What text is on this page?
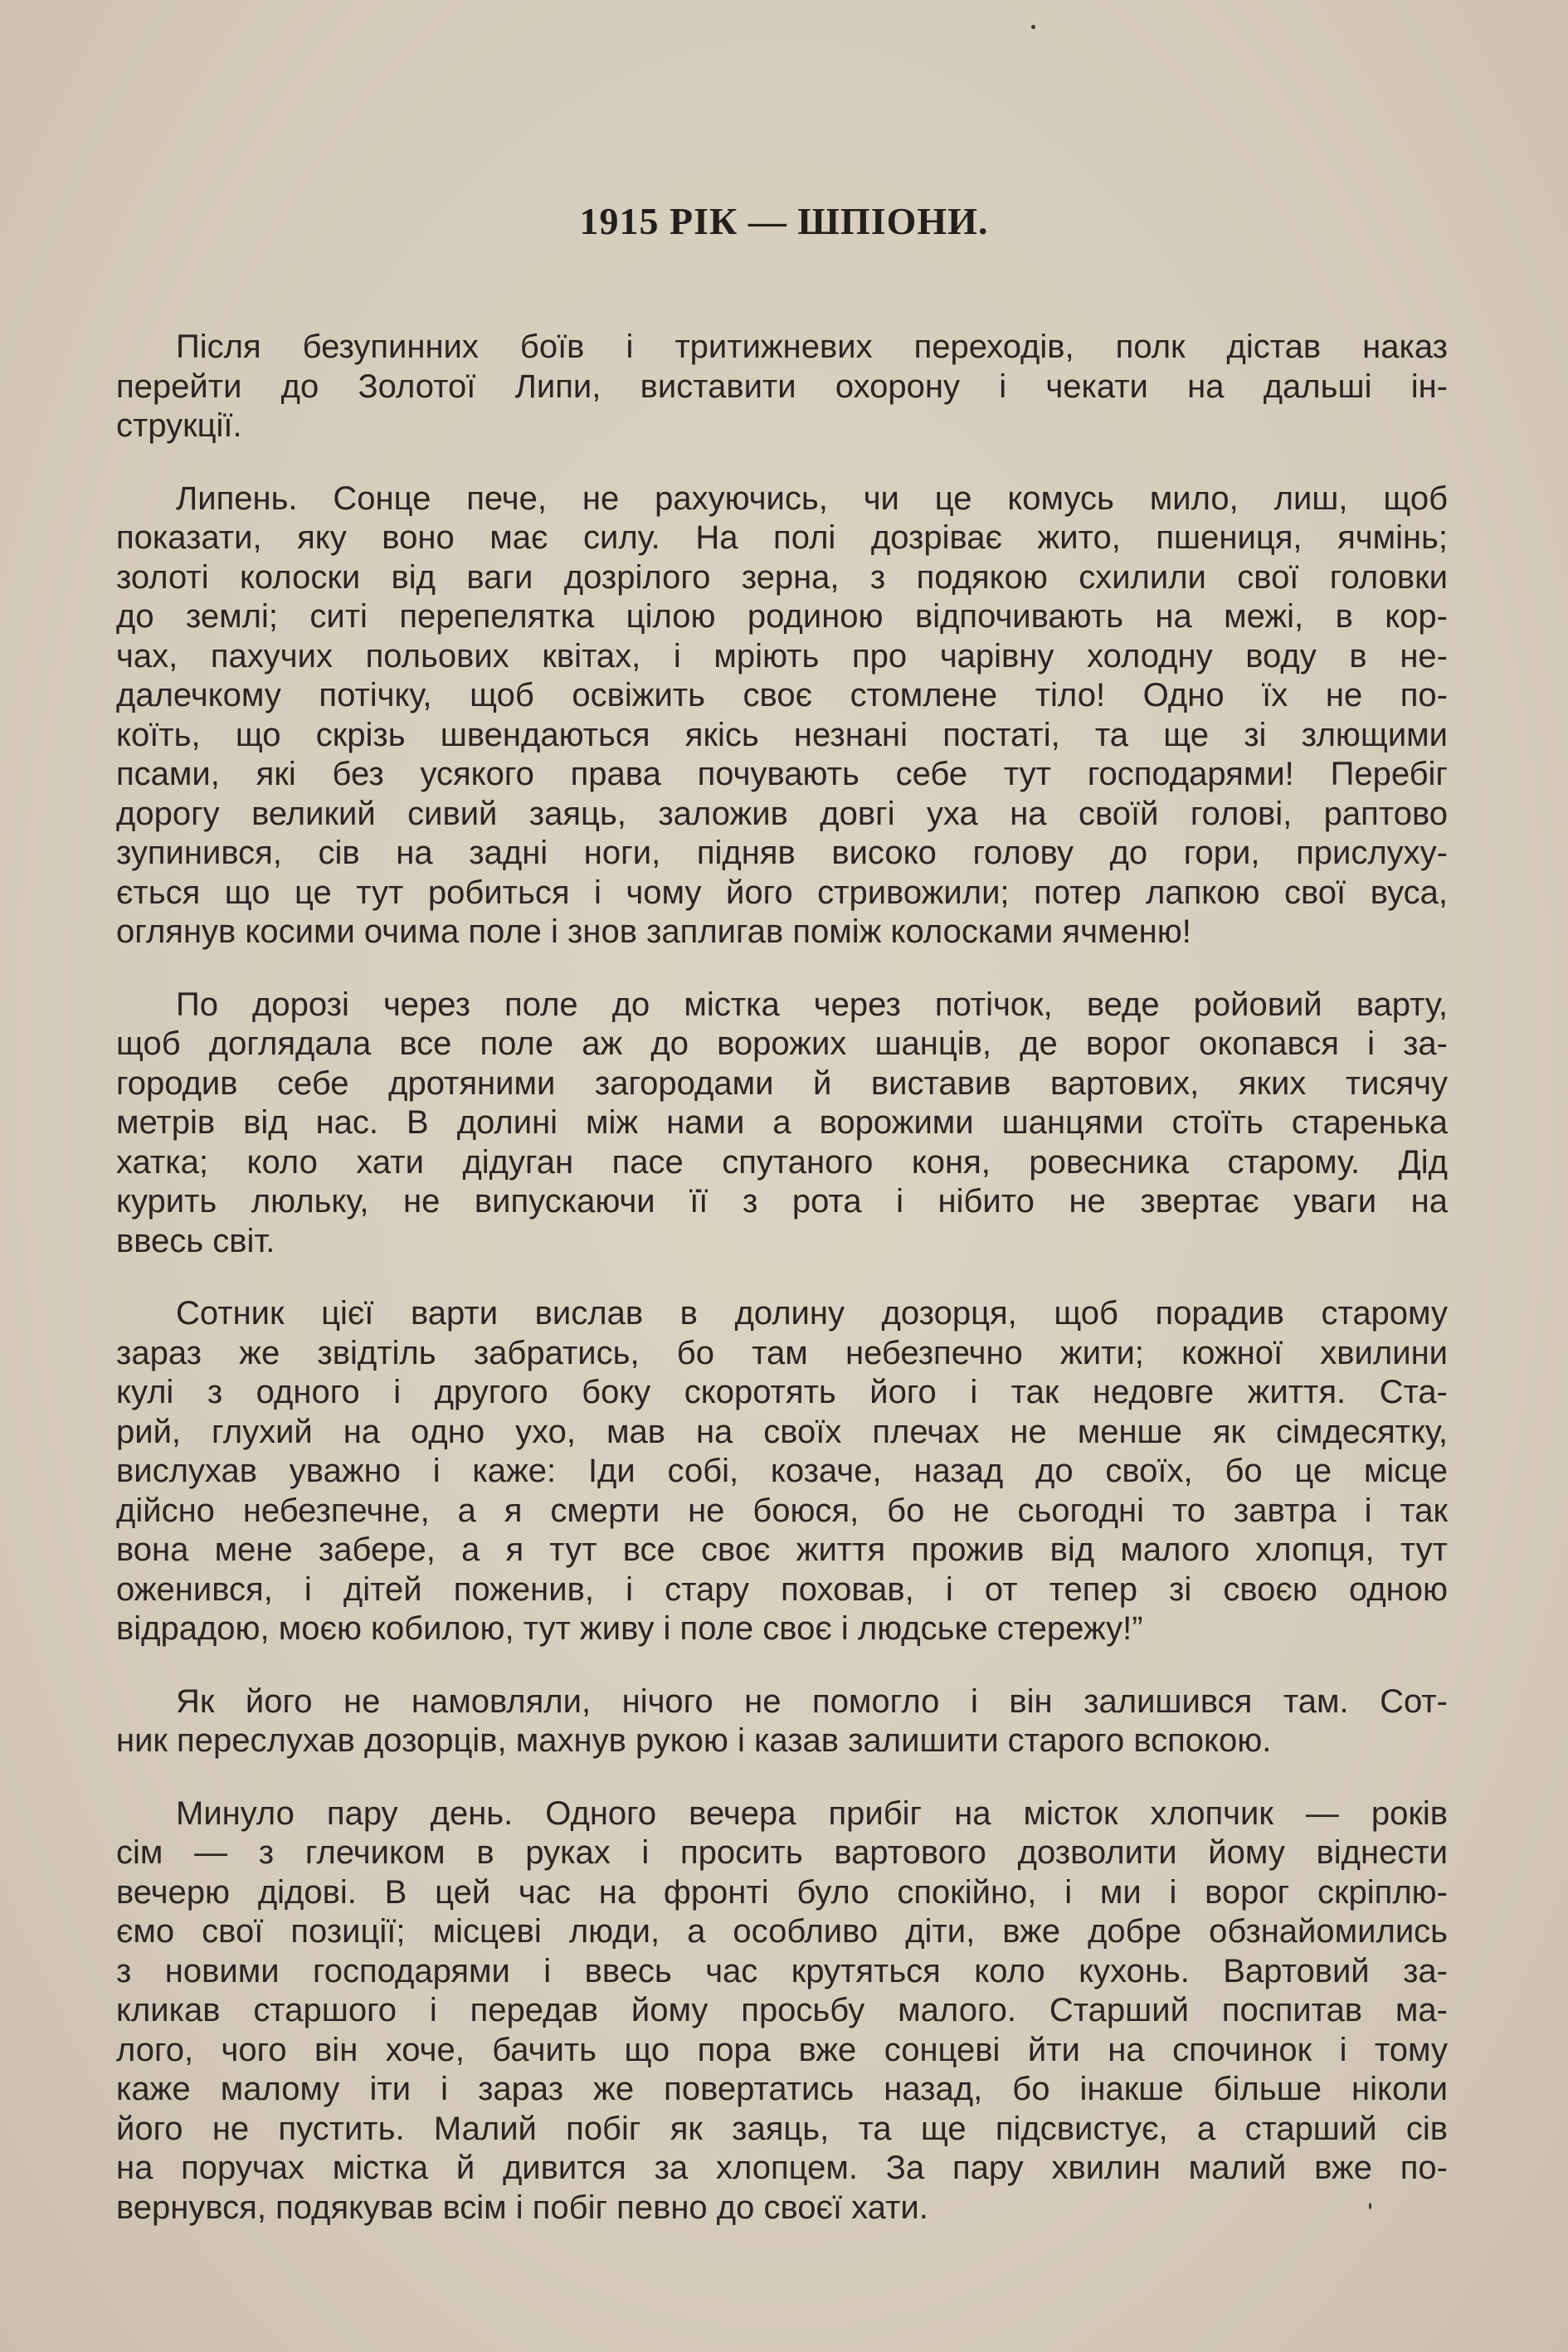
1915 РІК — ШПІОНИ.
Після безупинних боїв і тритижневих переходів, полк дістав наказ
перейти до Золотої Липи, виставити охорону і чекати на дальші ін-
струкції.
Липень. Сонце пече, не рахуючись, чи це комусь мило, лиш, щоб
показати, яку воно має силу. На полі дозріває жито, пшениця, ячмінь;
золоті колоски від ваги дозрілого зерна, з подякою схилили свої головки
до землі; ситі перепелятка цілою родиною відпочивають на межі, в кор-
чах, пахучих польових квітах, і мріють про чарівну холодну воду в не-
далечкому потічку, щоб освіжить своє стомлене тіло! Одно їх не по-
коїть, що скрізь швендаються якісь незнані постаті, та ще зі злющими
псами, які без усякого права почувають себе тут господарями! Перебіг
дорогу великий сивий заяць, заложив довгі уха на своїй голові, раптово
зупинився, сів на задні ноги, підняв високо голову до гори, прислуху-
ється що це тут робиться і чому його стривожили; потер лапкою свої вуса,
оглянув косими очима поле і знов заплигав поміж колосками ячменю!
По дорозі через поле до містка через потічок, веде ройовий варту,
щоб доглядала все поле аж до ворожих шанців, де ворог окопався і за-
городив себе дротяними загородами й виставив вартових, яких тисячу
метрів від нас. В долині між нами а ворожими шанцями стоїть старенька
хатка; коло хати дідуган пасе спутаного коня, ровесника старому. Дід
курить люльку, не випускаючи її з рота і нібито не звертає уваги на
ввесь світ.
Сотник цієї варти вислав в долину дозорця, щоб порадив старому
зараз же звідтіль забратись, бо там небезпечно жити; кожної хвилини
кулі з одного і другого боку скоротять його і так недовге життя. Ста-
рий, глухий на одно ухо, мав на своїх плечах не менше як сімдесятку,
вислухав уважно і каже: Іди собі, козаче, назад до своїх, бо це місце
дійсно небезпечне, а я смерти не боюся, бо не сьогодні то завтра і так
вона мене забере, а я тут все своє життя прожив від малого хлопця, тут
оженився, і дітей поженив, і стару поховав, і от тепер зі своєю одною
відрадою, моєю кобилою, тут живу і поле своє і людське стережу!”
Як його не намовляли, нічого не помогло і він залишився там. Сот-
ник переслухав дозорців, махнув рукою і казав залишити старого вспокою.
Минуло пару день. Одного вечера прибіг на місток хлопчик — років
сім — з глечиком в руках і просить вартового дозволити йому віднести
вечерю дідові. В цей час на фронті було спокійно, і ми і ворог скріплю-
ємо свої позиції; місцеві люди, а особливо діти, вже добре обзнайомились
з новими господарями і ввесь час крутяться коло кухонь. Вартовий за-
кликав старшого і передав йому просьбу малого. Старший поспитав ма-
лого, чого він хоче, бачить що пора вже сонцеві йти на спочинок і тому
каже малому іти і зараз же повертатись назад, бо інакше більше ніколи
його не пустить. Малий побіг як заяць, та ще підсвистує, а старший сів
на поручах містка й дивится за хлопцем. За пару хвилин малий вже по-
вернувся, подякував всім і побіг певно до своєї хати.
